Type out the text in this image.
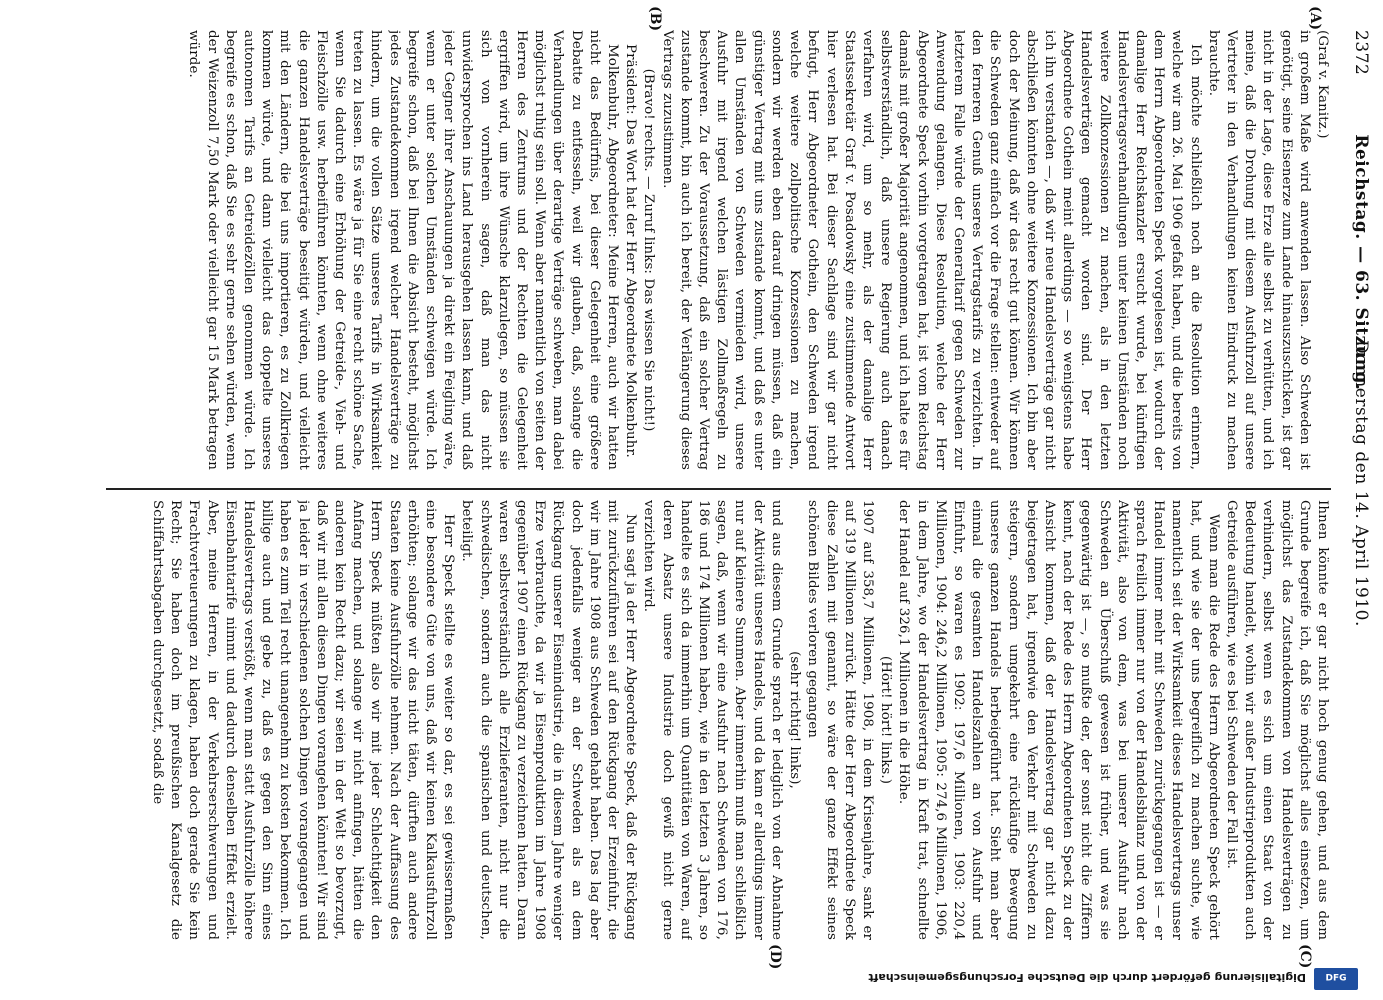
2372          Reichstag. — 63. Sitzung.
Donnerstag den 14. April 1910.
(A)
(B)
(C)
(D)

(Graf v. Kanitz.)

in großem Maße wird anwenden lassen. Also Schweden ist genötigt, seine Eisenerze zum Lande hinauszuschicken, ist gar nicht in der Lage, diese Erze alle selbst zu verhütten, und ich meine, daß die Drohung mit diesem Ausfuhrzoll auf unsere Vertreter in den Verhandlungen keinen Eindruck zu machen brauchte.

Ich möchte schließlich noch an die Resolution erinnern, welche wir am 26. Mai 1906 gefaßt haben, und die bereits von dem Herrn Abgeordneten Speck vorgelesen ist, wodurch der damalige Herr Reichskanzler ersucht wurde, bei künftigen Handelsvertragsverhandlungen unter keinen Umständen noch weitere Zollkonzessionen zu machen, als in den letzten Handelsverträgen gemacht worden sind. Der Herr Abgeordnete Gothein meint allerdings — so wenigstens habe ich ihn verstanden —, daß wir neue Handelsverträge gar nicht abschließen könnten ohne weitere Konzessionen. Ich bin aber doch der Meinung, daß wir das recht gut können. Wir können die Schweden ganz einfach vor die Frage stellen: entweder auf den ferneren Genuß unseres Vertragstarifs zu verzichten. In letzterem Falle würde der Generaltarif gegen Schweden zur Anwendung gelangen. Diese Resolution, welche der Herr Abgeordnete Speck vorhin vorgetragen hat, ist vom Reichstag damals mit großer Majorität angenommen, und ich halte es für selbstverständlich, daß unsere Regierung auch danach verfahren wird, um so mehr, als der damalige Herr Staatssekretär Graf v. Posadowsky eine zustimmende Antwort hier verlesen hat. Bei dieser Sachlage sind wir gar nicht befugt, Herr Abgeordneter Gothein, den Schweden irgend welche weitere zollpolitische Konzessionen zu machen, sondern wir werden eben darauf dringen müssen, daß ein günstiger Vertrag mit uns zustande kommt, und daß es unter allen Umständen von Schweden vermieden wird, unsere Ausfuhr mit irgend welchen lästigen Zollmaßregeln zu beschweren. Zu der Voraussetzung, daß ein solcher Vertrag zustande kommt, bin auch ich bereit, der Verlängerung dieses Vertrags zuzustimmen.

(Bravo! rechts. — Zuruf links: Das wissen Sie nicht!)

Präsident: Das Wort hat der Herr Abgeordnete Molkenbuhr.

Molkenbuhr, Abgeordneter: Meine Herren, auch wir hatten nicht das Bedürfnis, bei dieser Gelegenheit eine größere Debatte zu entfesseln, weil wir glauben, daß, solange die Verhandlungen über derartige Verträge schweben, man dabei möglichst ruhig sein soll. Wenn aber namentlich von seiten der Herren des Zentrums und der Rechten die Gelegenheit ergriffen wird, um ihre Wünsche klarzulegen, so müssen sie sich von vornherein sagen, daß man das nicht unwidersprochen ins Land herausgehen lassen kann, und daß jeder Gegner ihrer Anschauungen ja direkt ein Feigling wäre, wenn er unter solchen Umständen schweigen würde. Ich begreife schon, daß bei Ihnen die Absicht besteht, möglichst jedes Zustandekommen irgend welcher Handelsverträge zu hindern, um die vollen Sätze unseres Tarifs in Wirksamkeit treten zu lassen. Es wäre ja für Sie eine recht schöne Sache, wenn Sie dadurch eine Erhöhung der Getreide-, Vieh- und Fleischzölle usw. herbeiführen könnten, wenn ohne weiteres die ganzen Handelsverträge beseitigt würden, und vielleicht mit den Ländern, die bei uns importieren, es zu Zollkriegen kommen würde, und dann vielleicht das doppelte unseres autonomen Tarifs an Getreidezöllen genommen würde. Ich begreife es schon, daß Sie es sehr gerne sehen würden, wenn der Weizenzoll 7,50 Mark oder vielleicht gar 15 Mark betragen würde.

Ihnen könnte er gar nicht hoch genug gehen, und aus dem Grunde begreife ich, daß Sie möglichst alles einsetzen, um möglichst das Zustandekommen von Handelsverträgen zu verhindern, selbst wenn es sich um einen Staat von der Bedeutung handelt, wohin wir außer Industrieprodukten auch Getreide ausführen, wie es bei Schweden der Fall ist.

Wenn man die Rede des Herrn Abgeordneten Speck gehört hat, und wie sie der uns begreiflich zu machen suchte, wie namentlich seit der Wirksamkeit dieses Handelsvertrags unser Handel immer mehr mit Schweden zurückgegangen ist — er sprach freilich immer nur von der Handelsbilanz und von der Aktivität, also von dem, was bei unserer Ausfuhr nach Schweden an Überschuß gewesen ist früher, und was sie gegenwärtig ist —, so mußte der, der sonst nicht die Ziffern kennt, nach der Rede des Herrn Abgeordneten Speck zu der Ansicht kommen, daß der Handelsvertrag gar nicht dazu beigetragen hat, irgendwie den Verkehr mit Schweden zu steigern, sondern umgekehrt eine rückläufige Bewegung unseres ganzen Handels herbeigeführt hat. Sieht man aber einmal die gesamten Handelszahlen an von Ausfuhr und Einfuhr, so waren es 1902: 197,6 Millionen, 1903: 220,4 Millionen, 1904: 246,2 Millionen, 1905: 274,6 Millionen, 1906, in dem Jahre, wo der Handelsvertrag in Kraft trat, schnellte der Handel auf 326,1 Millionen in die Höhe.

(Hört! hört! links.)

1907 auf 358,7 Millionen, 1908, in dem Krisenjahre, sank er auf 319 Millionen zurück. Hätte der Herr Abgeordnete Speck diese Zahlen mit genannt, so wäre der ganze Effekt seines schönen Bildes verloren gegangen

(sehr richtig! links),

und aus diesem Grunde sprach er lediglich von der Abnahme der Aktivität unseres Handels, und da kam er allerdings immer nur auf kleinere Summen. Aber immerhin muß man schließlich sagen, daß, wenn wir eine Ausfuhr nach Schweden von 176, 186 und 174 Millionen haben, wie in den letzten 3 Jahren, so handelte es sich da immerhin um Quantitäten von Waren, auf deren Absatz unsere Industrie doch gewiß nicht gerne verzichten wird.

Nun sagt ja der Herr Abgeordnete Speck, daß der Rückgang mit zurückzuführen sei auf den Rückgang der Erzeinfuhr, die wir im Jahre 1908 aus Schweden gehabt haben. Das lag aber doch jedenfalls weniger an der Schweden als an dem Rückgang unserer Eisenindustrie, die in diesem Jahre weniger Erze verbrauchte, da wir ja Eisenproduktion im Jahre 1908 gegenüber 1907 einen Rückgang zu verzeichnen hatten. Daran waren selbstverständlich alle Erzlieferanten, nicht nur die schwedischen, sondern auch die spanischen und deutschen, beteiligt.

Herr Speck stellte es weiter so dar, es sei gewissermaßen eine besondere Güte von uns, daß wir keinen Kalkausfuhrzoll erhöhten; solange wir das nicht täten, dürften auch andere Staaten keine Ausfuhrzölle nehmen. Nach der Auffassung des Herrn Speck müßten also wir mit jeder Schlechtigkeit den Anfang machen, und solange wir nicht anfingen, hätten die anderen kein Recht dazu; wir seien in der Welt so bevorzugt, daß wir mit allen diesen Dingen vorangehen könnten! Wir sind ja leider in verschiedenen solchen Dingen vorangegangen und haben es zum Teil recht unangenehm zu kosten bekommen. Ich billige auch und gebe zu, daß es gegen den Sinn eines Handelsvertrags verstößt, wenn man statt Ausfuhrzölle höhere Eisenbahntarife nimmt und dadurch denselben Effekt erzielt. Aber, meine Herren, in der Verkehrserschwerungen und Frachtverteuerungen zu klagen, haben doch gerade Sie kein Recht; Sie haben doch im preußischen Kanalgesetz die Schiffahrtsabgaben durchgesetzt, sodaß die

DFG
Digitalisierung gefördert durch die Deutsche Forschungsgemeinschaft
